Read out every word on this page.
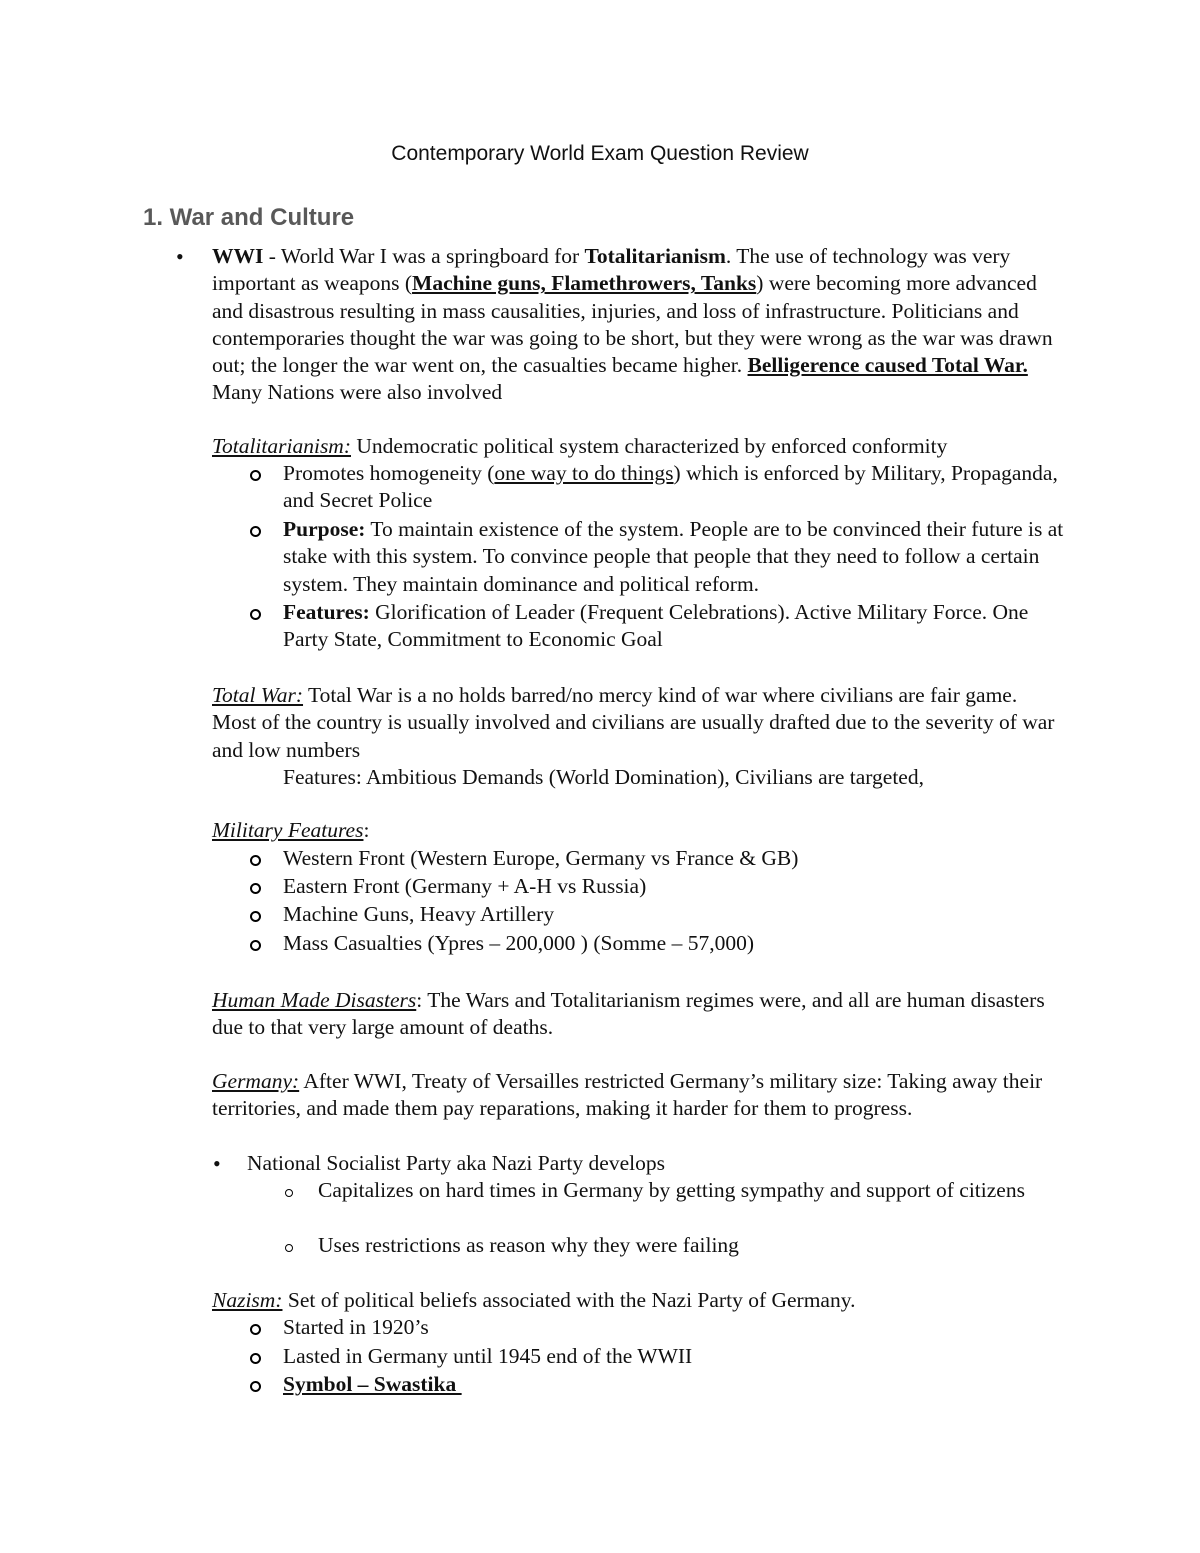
Contemporary World Exam Question Review
1. War and Culture
• WWI - World War I was a springboard for Totalitarianism. The use of technology was very important as weapons (Machine guns, Flamethrowers, Tanks) were becoming more advanced and disastrous resulting in mass causalities, injuries, and loss of infrastructure. Politicians and contemporaries thought the war was going to be short, but they were wrong as the war was drawn out; the longer the war went on, the casualties became higher. Belligerence caused Total War. Many Nations were also involved
Totalitarianism: Undemocratic political system characterized by enforced conformity
Promotes homogeneity (one way to do things) which is enforced by Military, Propaganda, and Secret Police
Purpose: To maintain existence of the system. People are to be convinced their future is at stake with this system. To convince people that people that they need to follow a certain system. They maintain dominance and political reform.
Features: Glorification of Leader (Frequent Celebrations). Active Military Force. One Party State, Commitment to Economic Goal
Total War: Total War is a no holds barred/no mercy kind of war where civilians are fair game. Most of the country is usually involved and civilians are usually drafted due to the severity of war and low numbers
Features: Ambitious Demands (World Domination), Civilians are targeted,
Military Features:
Western Front (Western Europe, Germany vs France & GB)
Eastern Front (Germany + A-H vs Russia)
Machine Guns, Heavy Artillery
Mass Casualties (Ypres – 200,000 ) (Somme – 57,000)
Human Made Disasters: The Wars and Totalitarianism regimes were, and all are human disasters due to that very large amount of deaths.
Germany: After WWI, Treaty of Versailles restricted Germany’s military size: Taking away their territories, and made them pay reparations, making it harder for them to progress.
• National Socialist Party aka Nazi Party develops
Capitalizes on hard times in Germany by getting sympathy and support of citizens
Uses restrictions as reason why they were failing
Nazism: Set of political beliefs associated with the Nazi Party of Germany.
Started in 1920’s
Lasted in Germany until 1945 end of the WWII
Symbol – Swastika
